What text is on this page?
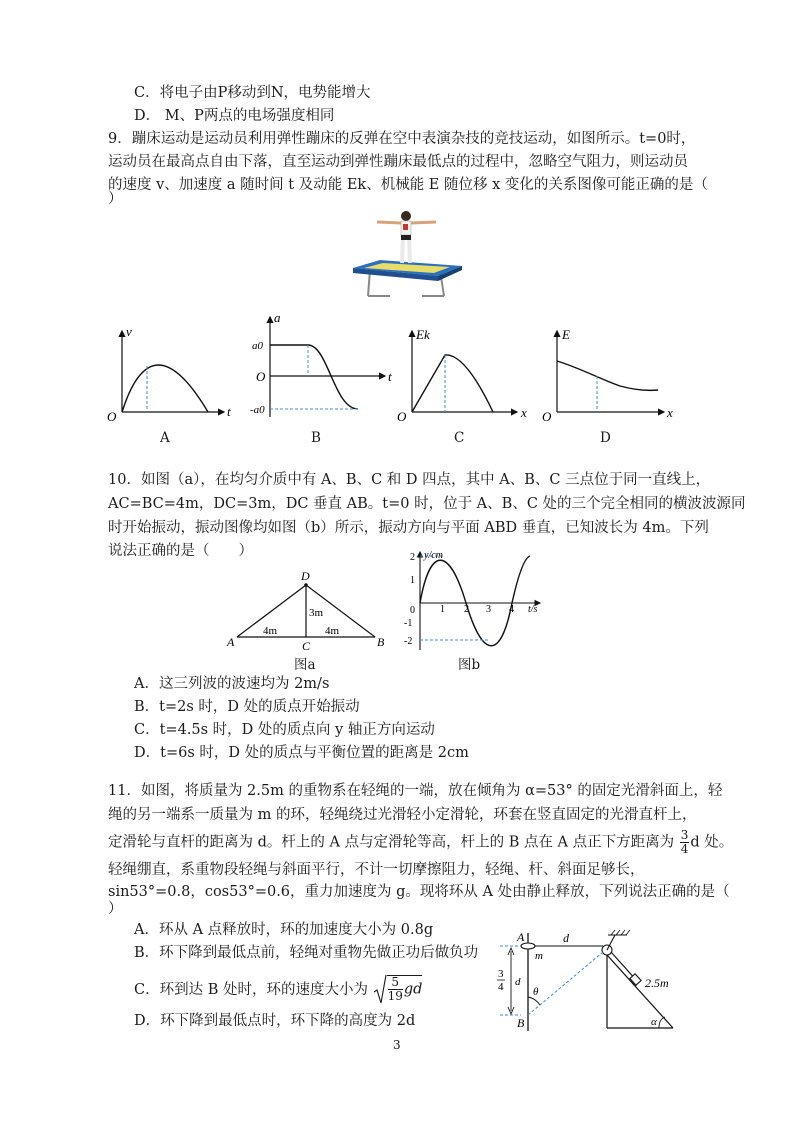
C．将电子由P移动到N，电势能增大
D． M、P两点的电场强度相同
9．蹦床运动是运动员利用弹性蹦床的反弹在空中表演杂技的竞技运动，如图所示。t=0时，
运动员在最高点自由下落，直至运动到弹性蹦床最低点的过程中，忽略空气阻力，则运动员
的速度 v、加速度 a 随时间 t 及动能 Ek、机械能 E 随位移 x 变化的关系图像可能正确的是（
）
v
t
O
A
a
t
a0
O
-a0
B
Ek
x
O
C
E
x
O
D
10．如图（a），在均匀介质中有 A、B、C 和 D 四点，其中 A、B、C 三点位于同一直线上，
AC=BC=4m，DC=3m，DC 垂直 AB。t=0 时，位于 A、B、C 处的三个完全相同的横波波源同
时开始振动，振动图像均如图（b）所示，振动方向与平面 ABD 垂直，已知波长为 4m。下列
说法正确的是（　　）
A	B
C
D
4m	4m
3m
图a
y/cm
t/s
2
1
0
-1
-2
1 2 3 4
图b
A．这三列波的波速均为 2m/s
B．t=2s 时，D 处的质点开始振动
C．t=4.5s 时，D 处的质点向 y 轴正方向运动
D．t=6s 时，D 处的质点与平衡位置的距离是 2cm
11．如图，将质量为 2.5m 的重物系在轻绳的一端，放在倾角为 α=53° 的固定光滑斜面上，轻
绳的另一端系一质量为 m 的环，轻绳绕过光滑轻小定滑轮，环套在竖直固定的光滑直杆上，
定滑轮与直杆的距离为 d。杆上的 A 点与定滑轮等高，杆上的 B 点在 A 点正下方距离为 $\frac{3}{4}$ d 处。
轻绳绷直，系重物段轻绳与斜面平行，不计一切摩擦阻力，轻绳、杆、斜面足够长，
sin53°=0.8，cos53°=0.6，重力加速度为 g。现将环从 A 处由静止释放，下列说法正确的是（
）
A．环从 A 点释放时，环的加速度大小为 0.8g
B．环下降到最低点前，轻绳对重物先做正功后做负功
C．环到达 B 处时，环的速度大小为 $\frac{5}{19}$ gd
D．环下降到最低点时，环下降的高度为 2d
A
B
d
m
2.5m
θ
α
3
4 d
3
